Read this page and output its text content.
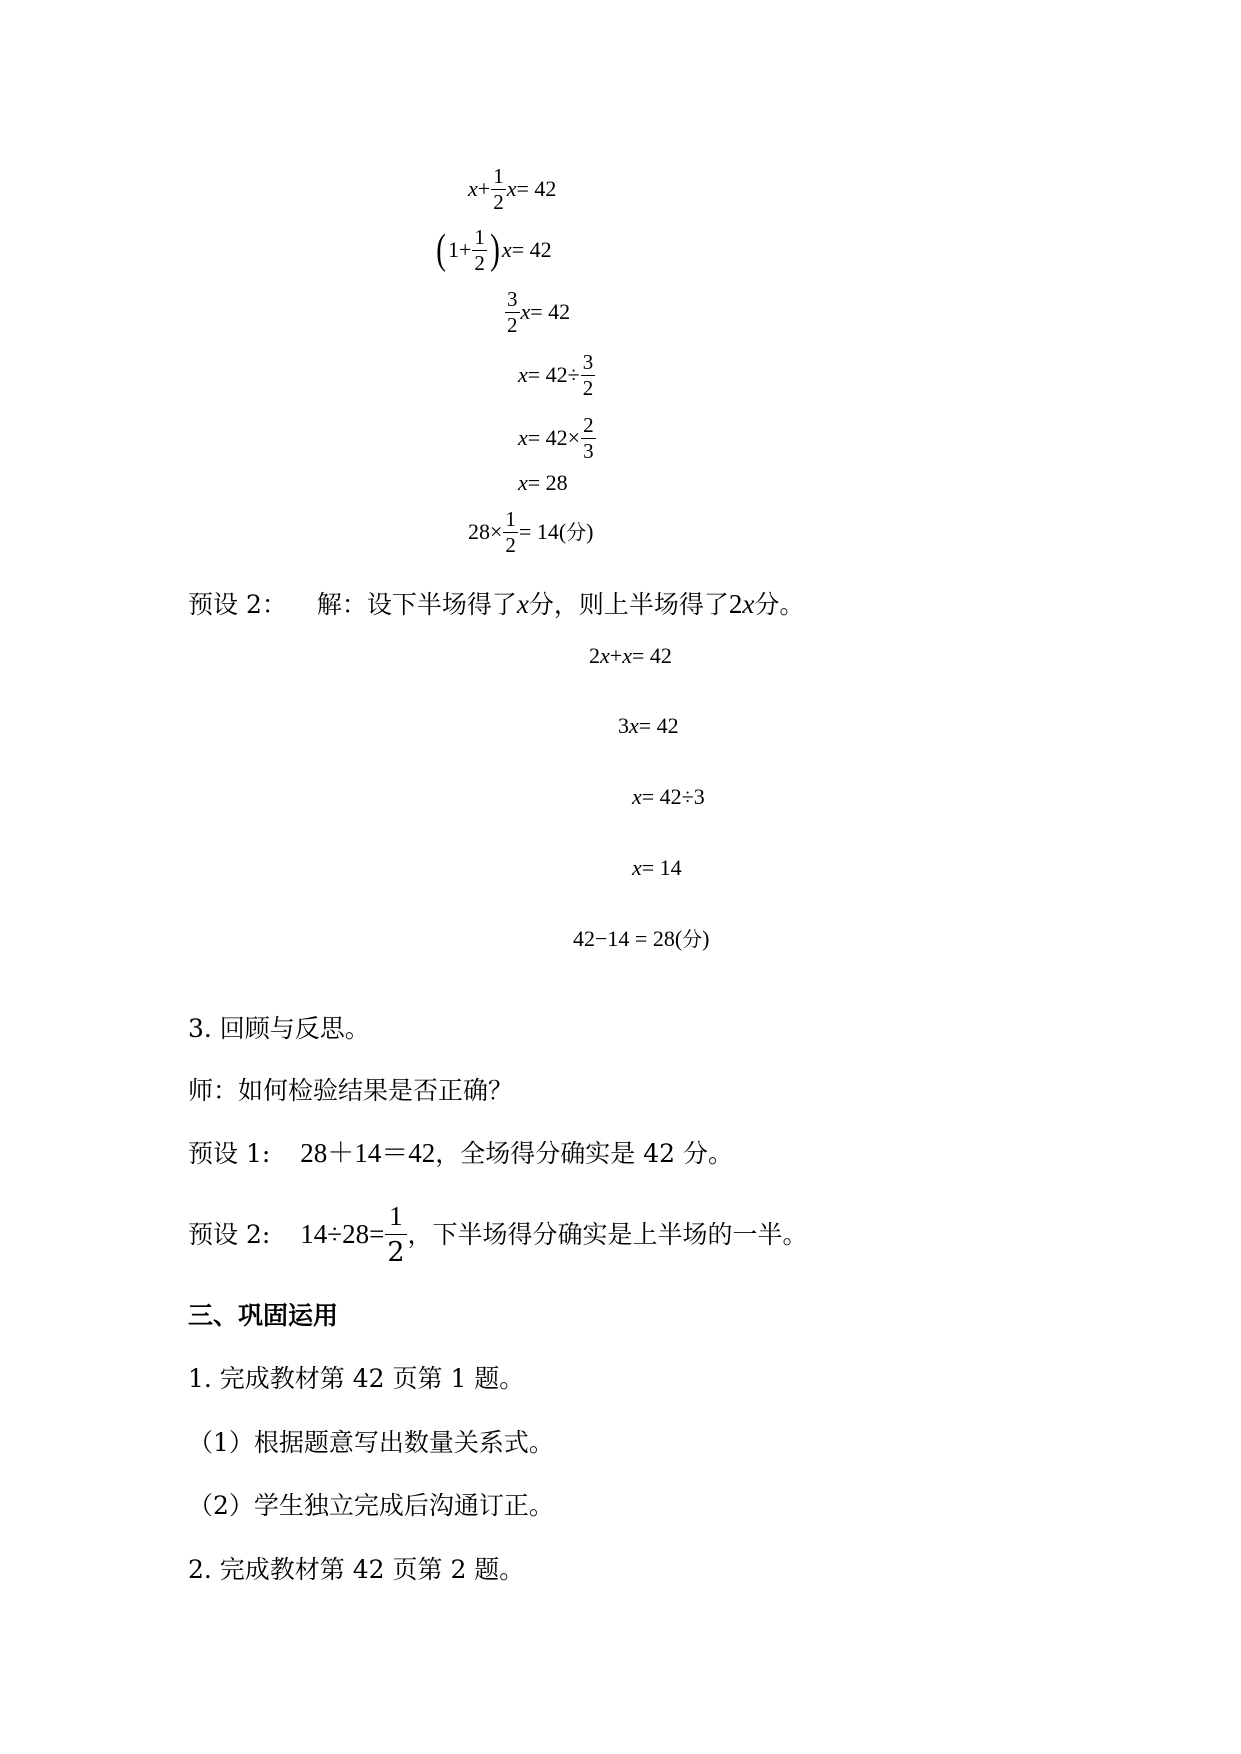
$x + \frac{1}{2}$ x = 42
( $1+ \frac{1}{2}$ ) x = 42
$\frac{3}{2}$ x = 42
$x = 42\div \frac{3}{2}$
$x = 42\times \frac{2}{3}$
x = 28
$28\times \frac{1}{2} = 14$( 分 )
预设 2： 解：设下半场得了 x 分，则上半场得了 2 x 分。
2 x + x = 42
3 x = 42
x = 42÷3
x = 14
42−14 = 28( 分 )
3. 回顾与反思。
师：如何检验结果是否正确？
预设 1: 28＋14＝42 ，全场得分确实是 42 分。
预设 2: $14\div 28= \frac{1}{2}$ ，下半场得分确实是上半场的一半。
三、巩固运用
1. 完成教材第 42 页第 1 题。
（1）根据题意写出数量关系式。
（2）学生独立完成后沟通订正。
2. 完成教材第 42 页第 2 题。
